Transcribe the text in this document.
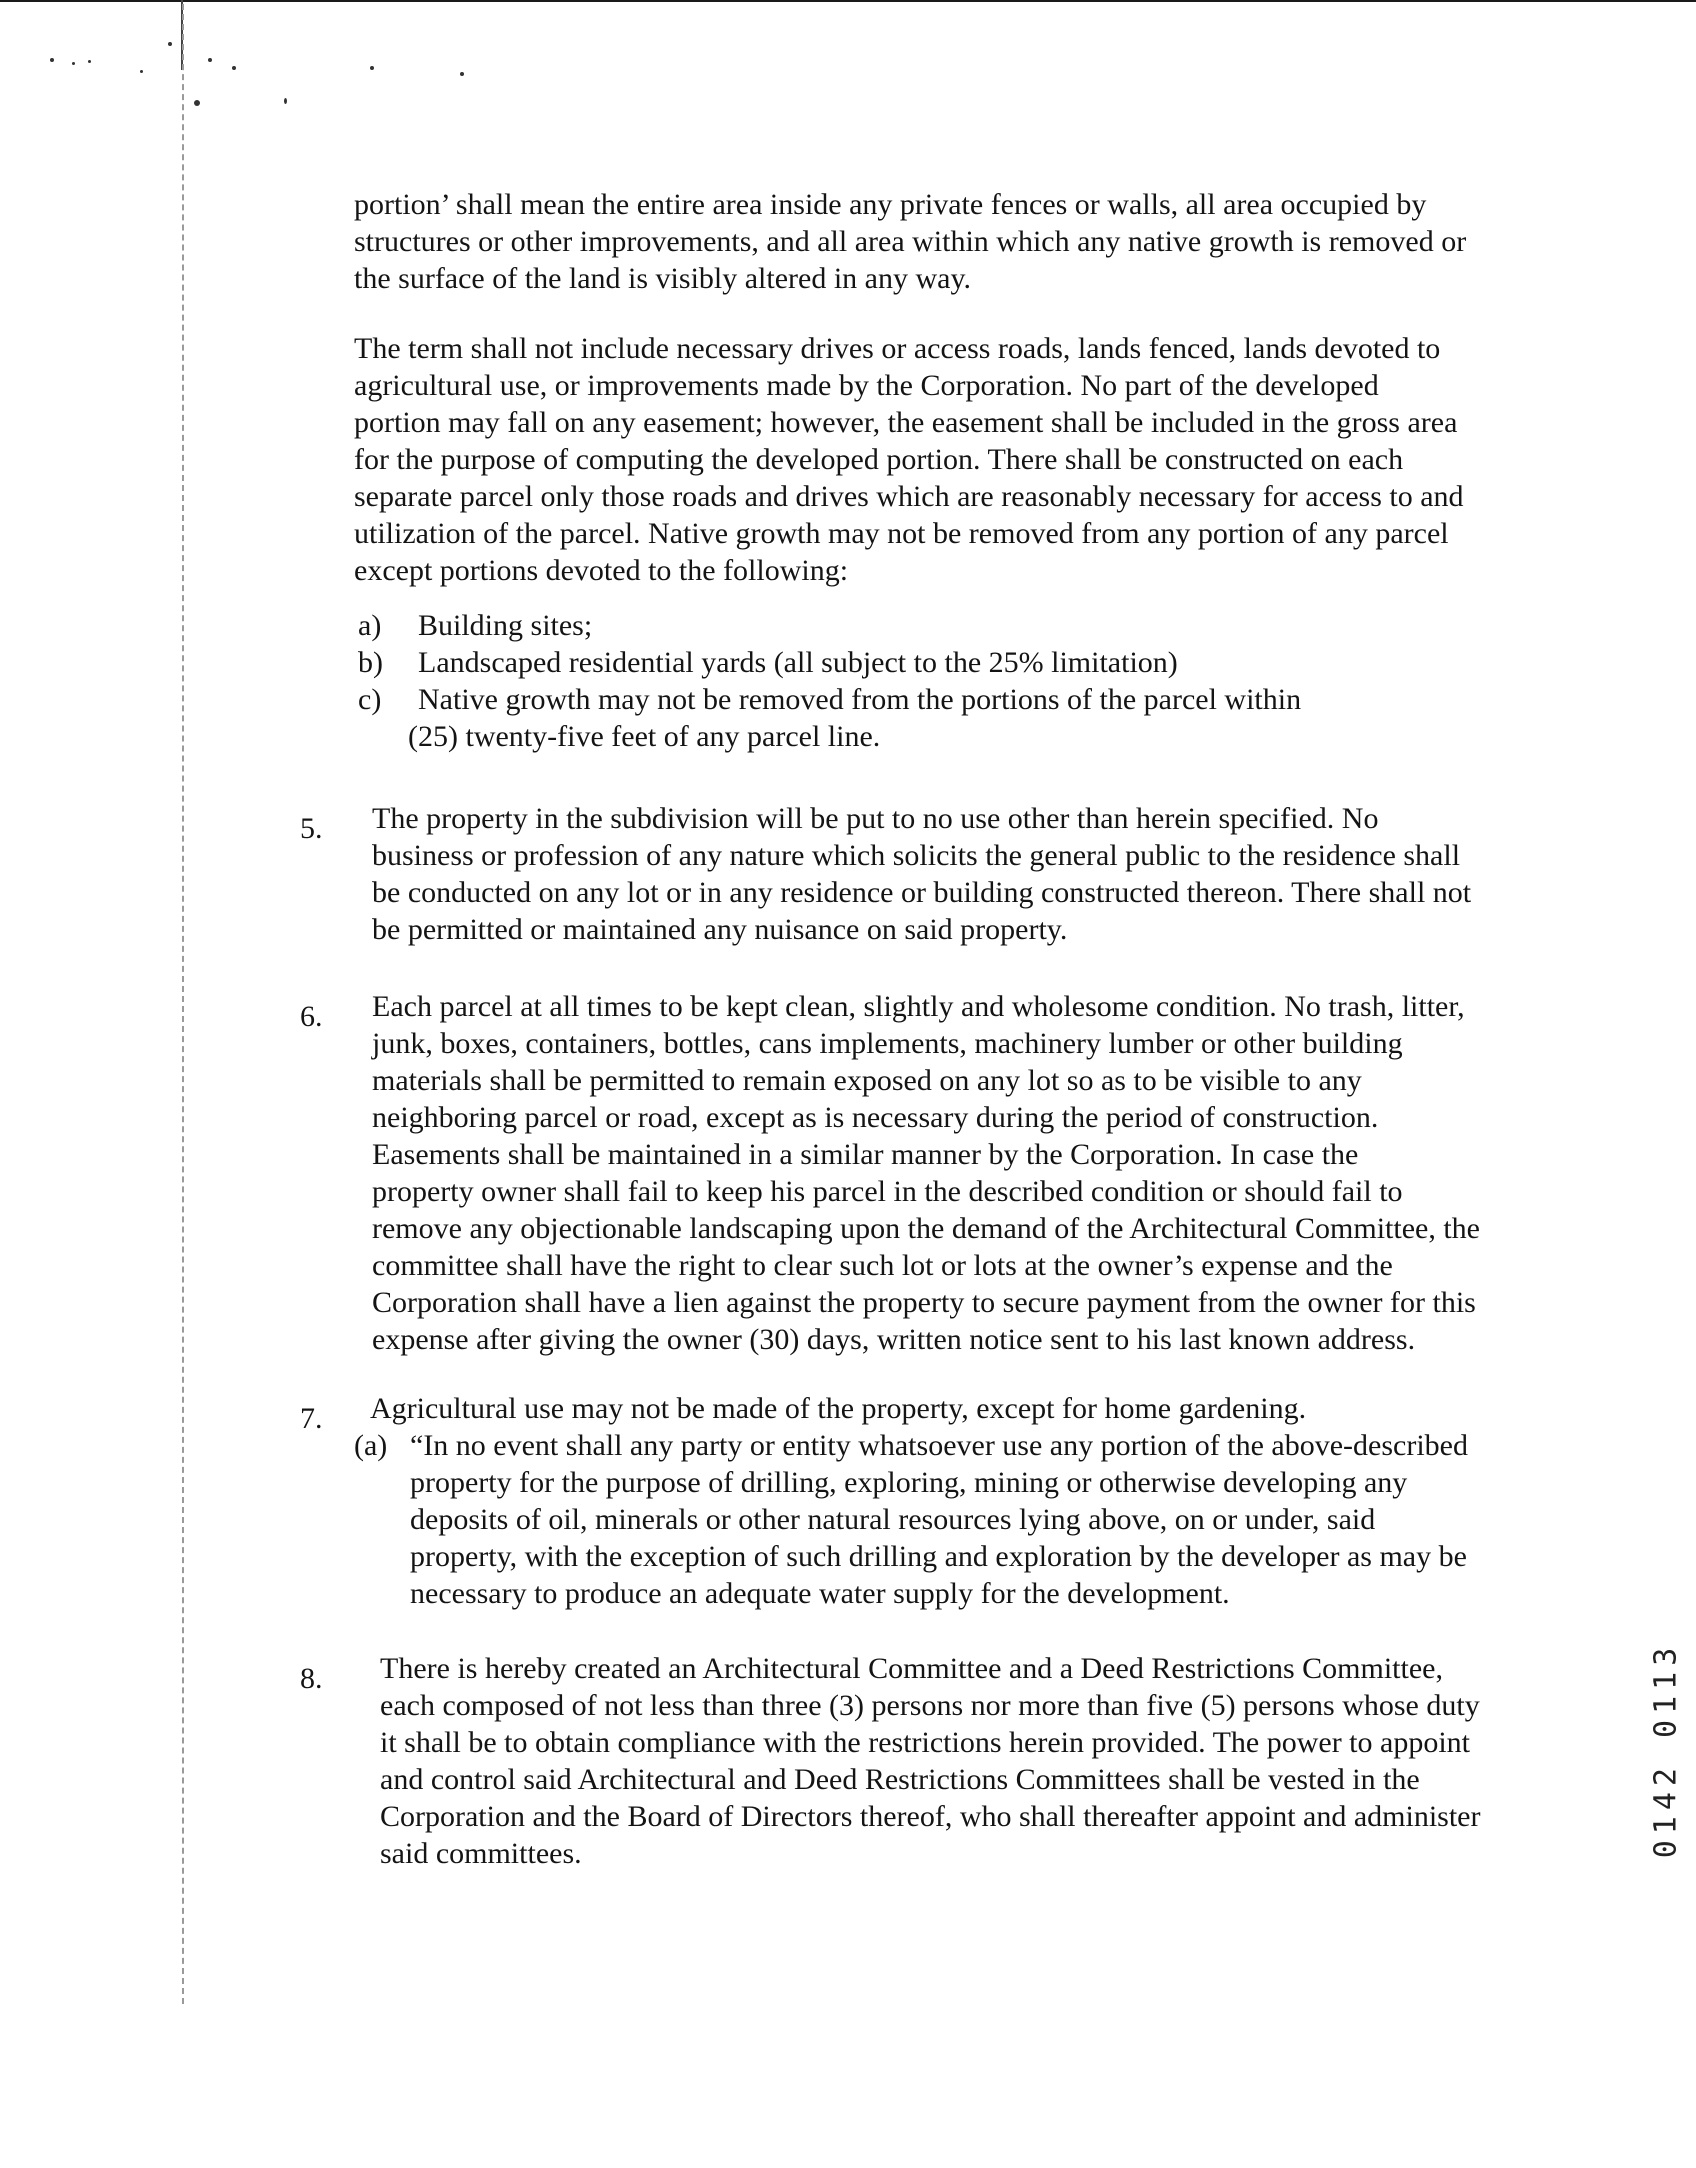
portion’ shall mean the entire area inside any private fences or walls, all area occupied by
structures or other improvements, and all area within which any native growth is removed or
the surface of the land is visibly altered in any way.
The term shall not include necessary drives or access roads, lands fenced, lands devoted to
agricultural use, or improvements made by the Corporation. No part of the developed
portion may fall on any easement; however, the easement shall be included in the gross area
for the purpose of computing the developed portion. There shall be constructed on each
separate parcel only those roads and drives which are reasonably necessary for access to and
utilization of the parcel. Native growth may not be removed from any portion of any parcel
except portions devoted to the following:
a) Building sites;
b) Landscaped residential yards (all subject to the 25% limitation)
c) Native growth may not be removed from the portions of the parcel within
(25) twenty-five feet of any parcel line.
5. The property in the subdivision will be put to no use other than herein specified. No
business or profession of any nature which solicits the general public to the residence shall
be conducted on any lot or in any residence or building constructed thereon. There shall not
be permitted or maintained any nuisance on said property.
6. Each parcel at all times to be kept clean, slightly and wholesome condition. No trash, litter,
junk, boxes, containers, bottles, cans implements, machinery lumber or other building
materials shall be permitted to remain exposed on any lot so as to be visible to any
neighboring parcel or road, except as is necessary during the period of construction.
Easements shall be maintained in a similar manner by the Corporation. In case the
property owner shall fail to keep his parcel in the described condition or should fail to
remove any objectionable landscaping upon the demand of the Architectural Committee, the
committee shall have the right to clear such lot or lots at the owner’s expense and the
Corporation shall have a lien against the property to secure payment from the owner for this
expense after giving the owner (30) days, written notice sent to his last known address.
7. Agricultural use may not be made of the property, except for home gardening.
(a) “In no event shall any party or entity whatsoever use any portion of the above-described
property for the purpose of drilling, exploring, mining or otherwise developing any
deposits of oil, minerals or other natural resources lying above, on or under, said
property, with the exception of such drilling and exploration by the developer as may be
necessary to produce an adequate water supply for the development.
8. There is hereby created an Architectural Committee and a Deed Restrictions Committee,
each composed of not less than three (3) persons nor more than five (5) persons whose duty
it shall be to obtain compliance with the restrictions herein provided. The power to appoint
and control said Architectural and Deed Restrictions Committees shall be vested in the
Corporation and the Board of Directors thereof, who shall thereafter appoint and administer
said committees.	0142 0113
